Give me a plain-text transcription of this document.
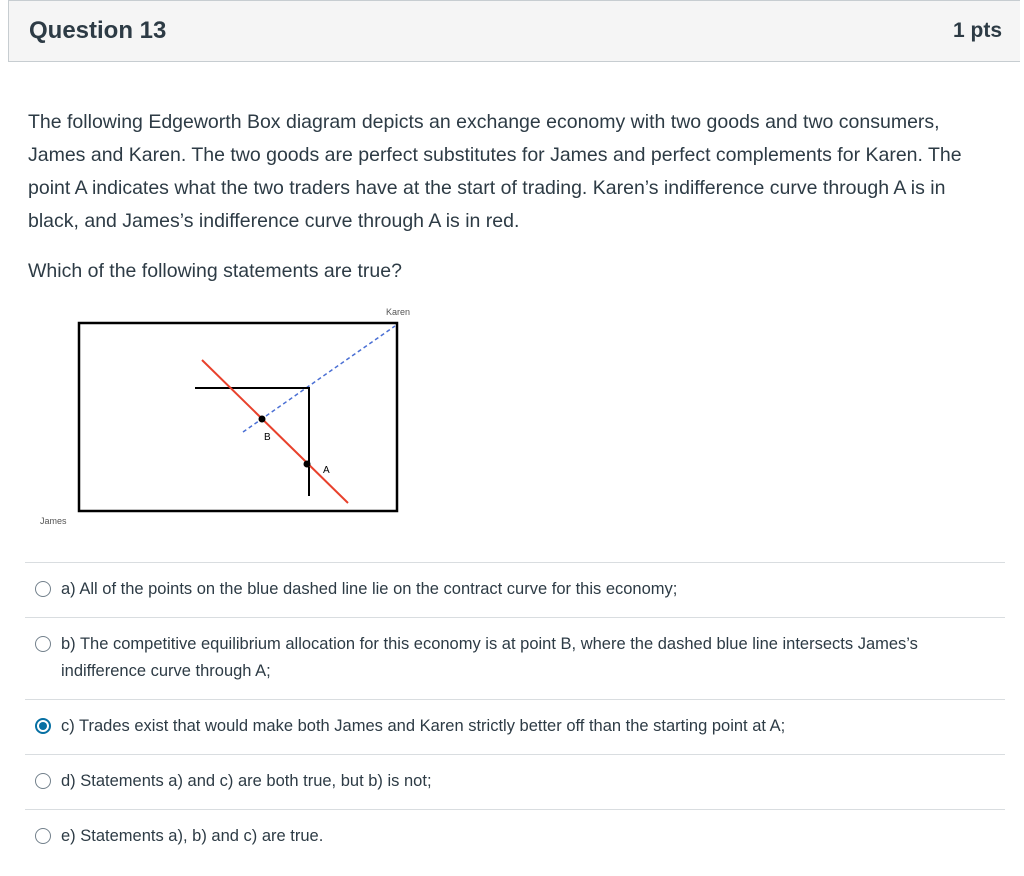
Question 13	1 pts

The following Edgeworth Box diagram depicts an exchange economy with two goods and two consumers, James and Karen. The two goods are perfect substitutes for James and perfect complements for Karen. The point A indicates what the two traders have at the start of trading. Karen’s indifference curve through A is in black, and James’s indifference curve through A is in red.

Which of the following statements are true?

B
A
Karen
James
a) All of the points on the blue dashed line lie on the contract curve for this economy;
b) The competitive equilibrium allocation for this economy is at point B, where the dashed blue line intersects James’s indifference curve through A;
c) Trades exist that would make both James and Karen strictly better off than the starting point at A;
d) Statements a) and c) are both true, but b) is not;
e) Statements a), b) and c) are true.
